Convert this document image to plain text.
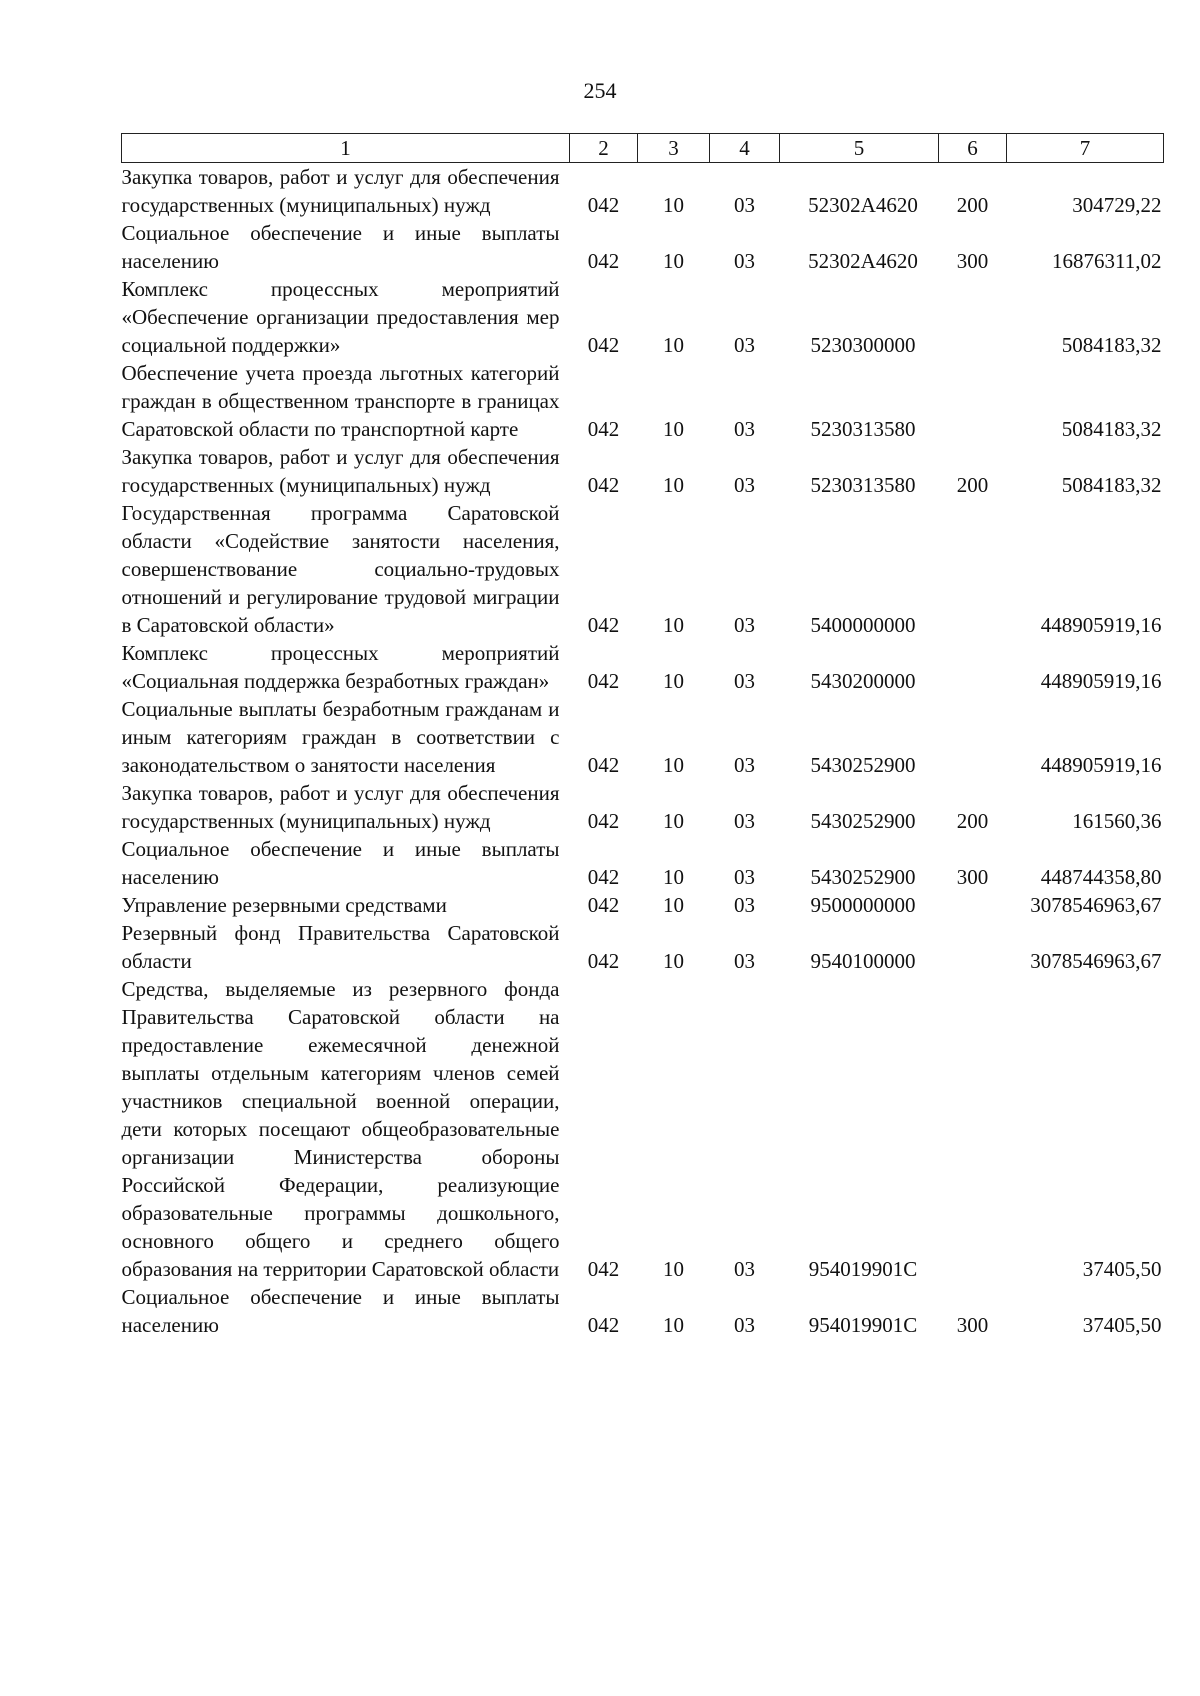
254
1	2	3	4	5	6	7
Закупка товаров, работ и услуг для обеспечения государственных (муниципальных) нужд	042	10	03	52302А4620	200	304729,22
Социальное обеспечение и иные выплаты населению	042	10	03	52302А4620	300	16876311,02
Комплекс процессных мероприятий «Обеспечение организации предоставления мер социальной поддержки»	042	10	03	5230300000		5084183,32
Обеспечение учета проезда льготных категорий граждан в общественном транспорте в границах Саратовской области по транспортной карте	042	10	03	5230313580		5084183,32
Закупка товаров, работ и услуг для обеспечения государственных (муниципальных) нужд	042	10	03	5230313580	200	5084183,32
Государственная программа Саратовской области «Содействие занятости населения, совершенствование социально-трудовых отношений и регулирование трудовой миграции в Саратовской области»	042	10	03	5400000000		448905919,16
Комплекс процессных мероприятий «Социальная поддержка безработных граждан»	042	10	03	5430200000		448905919,16
Социальные выплаты безработным гражданам и иным категориям граждан в соответствии с законодательством о занятости населения	042	10	03	5430252900		448905919,16
Закупка товаров, работ и услуг для обеспечения государственных (муниципальных) нужд	042	10	03	5430252900	200	161560,36
Социальное обеспечение и иные выплаты населению	042	10	03	5430252900	300	448744358,80
Управление резервными средствами	042	10	03	9500000000		3078546963,67
Резервный фонд Правительства Саратовской области	042	10	03	9540100000		3078546963,67
Средства, выделяемые из резервного фонда Правительства Саратовской области на предоставление ежемесячной денежной выплаты отдельным категориям членов семей участников специальной военной операции, дети которых посещают общеобразовательные организации Министерства обороны Российской Федерации, реализующие образовательные программы дошкольного, основного общего и среднего общего образования на территории Саратовской области	042	10	03	954019901С		37405,50
Социальное обеспечение и иные выплаты населению	042	10	03	954019901С	300	37405,50
